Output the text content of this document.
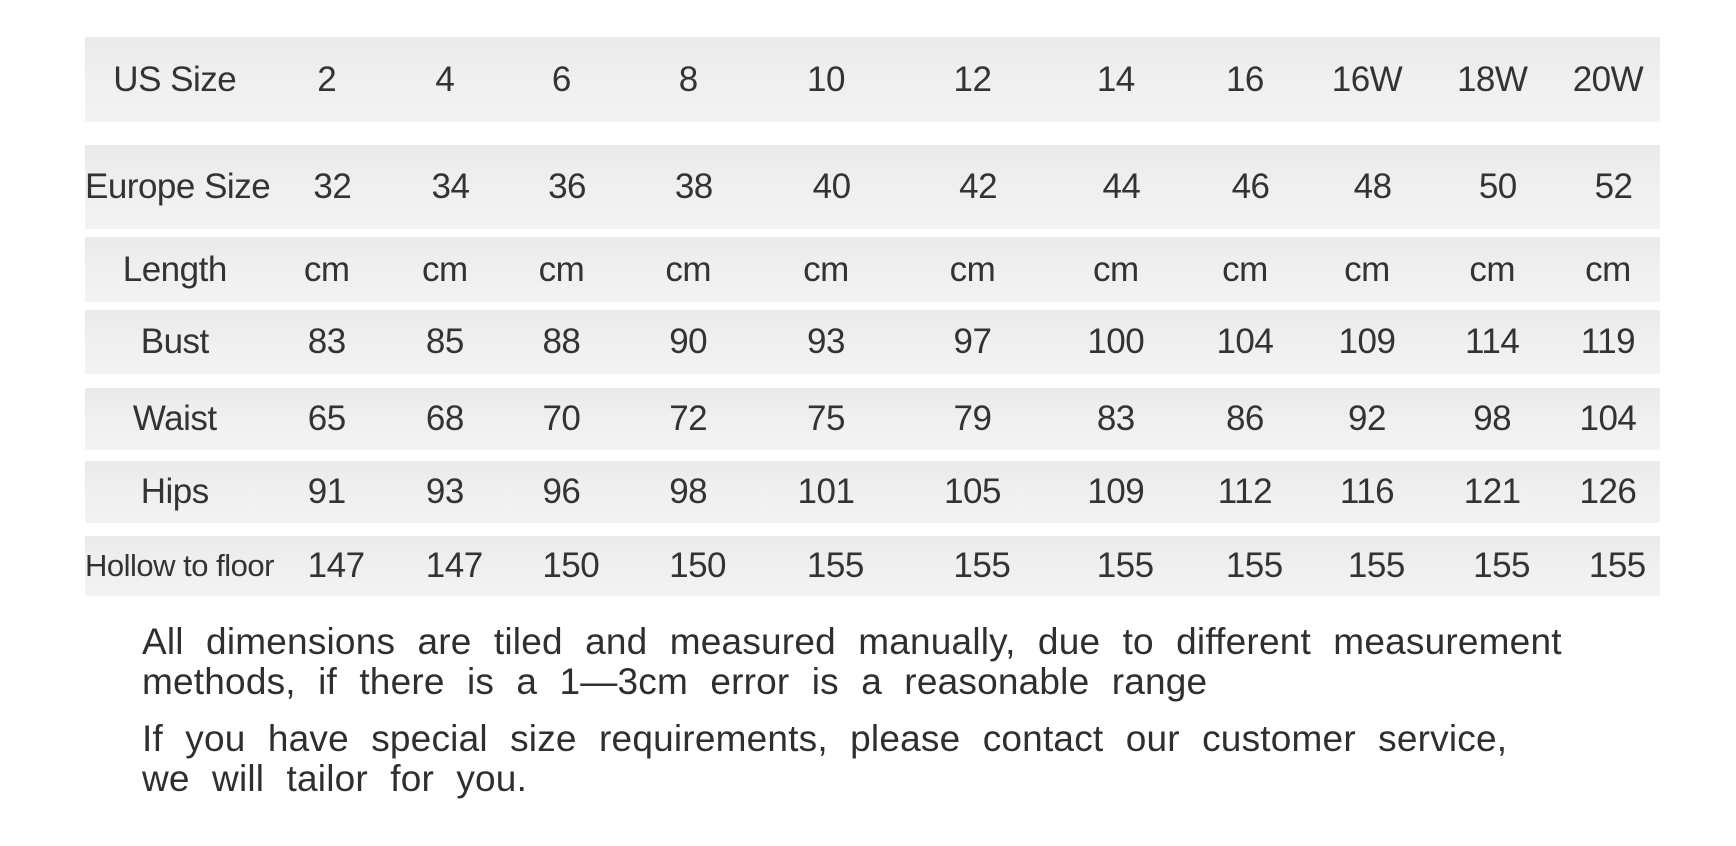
US Size	2	4	6	8	10	12	14	16	16W	18W	20W
Europe Size	32	34	36	38	40	42	44	46	48	50	52
Length	cm	cm	cm	cm	cm	cm	cm	cm	cm	cm	cm
Bust	83	85	88	90	93	97	100	104	109	114	119
Waist	65	68	70	72	75	79	83	86	92	98	104
Hips	91	93	96	98	101	105	109	112	116	121	126
Hollow to floor 147	147	150	150	155	155	155	155	155	155	155
All dimensions are tiled and measured manually, due to different measurement
methods, if there is a 1—3cm error is a reasonable range
If you have special size requirements, please contact our customer service,
we will tailor for you.
